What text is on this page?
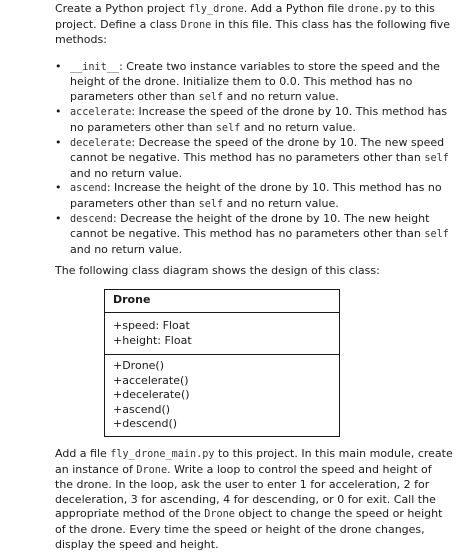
Create a Python project fly_drone. Add a Python file drone.py to this project. Define a class Drone in this file. This class has the following five methods:

• __init__: Create two instance variables to store the speed and the height of the drone. Initialize them to 0.0. This method has no parameters other than self and no return value.
• accelerate: Increase the speed of the drone by 10. This method has no parameters other than self and no return value.
• decelerate: Decrease the speed of the drone by 10. The new speed cannot be negative. This method has no parameters other than self and no return value.
• ascend: Increase the height of the drone by 10. This method has no parameters other than self and no return value.
• descend: Decrease the height of the drone by 10. The new height cannot be negative. This method has no parameters other than self and no return value.

The following class diagram shows the design of this class:

Drone
+speed: Float
+height: Float
+Drone()
+accelerate()
+decelerate()
+ascend()
+descend()

Add a file fly_drone_main.py to this project. In this main module, create an instance of Drone. Write a loop to control the speed and height of the drone. In the loop, ask the user to enter 1 for acceleration, 2 for deceleration, 3 for ascending, 4 for descending, or 0 for exit. Call the appropriate method of the Drone object to change the speed or height of the drone. Every time the speed or height of the drone changes, display the speed and height.
